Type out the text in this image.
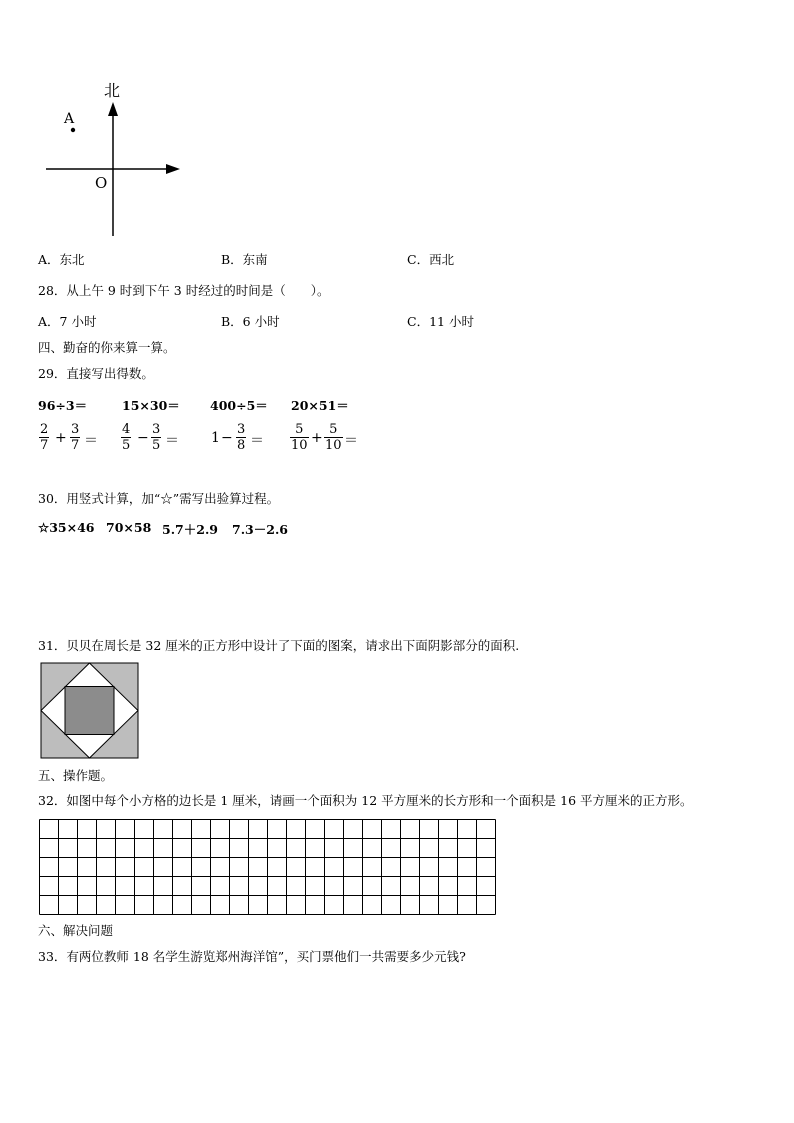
北
A
O
A．东北	B．东南	C．西北
28．从上午 9 时到下午 3 时经过的时间是（　　）。
A．7 小时	B．6 小时	C．11 小时
四、勤奋的你来算一算。
29．直接写出得数。
96÷3＝	15×30＝ 400÷5＝ 20×51＝
$\frac{2}{7} + \frac{3}{7} = \frac{4}{5} - \frac{3}{5} = 1 - \frac{3}{8} = \frac{5}{10} + \frac{5}{10}$ ＝
30．用竖式计算，加“☆”需写出验算过程。
☆35×46 70×58 5.7＋2.9 7.3－2.6
31．贝贝在周长是 32 厘米的正方形中设计了下面的图案，请求出下面阴影部分的面积.
五、操作题。
32．如图中每个小方格的边长是 1 厘米，请画一个面积为 12 平方厘米的长方形和一个面积是 16 平方厘米的正方形。
六、解决问题
33．有两位教师 18 名学生游览郑州海洋馆”，买门票他们一共需要多少元钱?
